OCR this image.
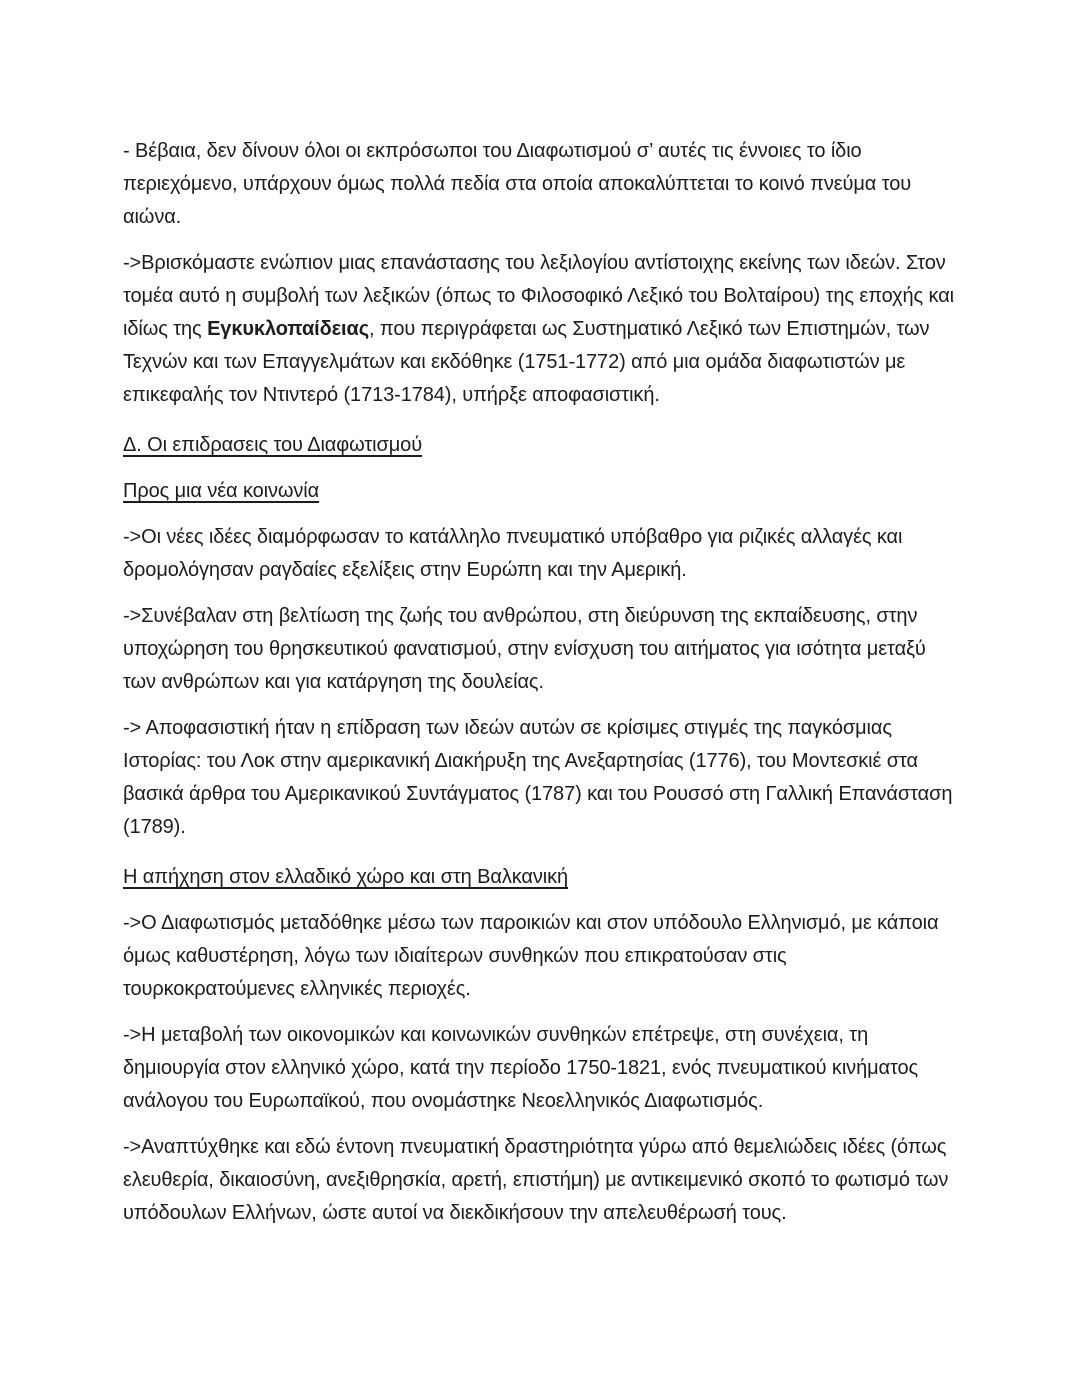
- Βέβαια, δεν δίνουν όλοι οι εκπρόσωποι του Διαφωτισμού σ’ αυτές τις έννοιες το ίδιο περιεχόμενο, υπάρχουν όμως πολλά πεδία στα οποία αποκαλύπτεται το κοινό πνεύμα του αιώνα.

->Βρισκόμαστε ενώπιον μιας επανάστασης του λεξιλογίου αντίστοιχης εκείνης των ιδεών. Στον τομέα αυτό η συμβολή των λεξικών (όπως το Φιλοσοφικό Λεξικό του Βολταίρου) της εποχής και ιδίως της Εγκυκλοπαίδειας, που περιγράφεται ως Συστηματικό Λεξικό των Επιστημών, των Τεχνών και των Επαγγελμάτων και εκδόθηκε (1751-1772) από μια ομάδα διαφωτιστών με επικεφαλής τον Ντιντερό (1713-1784), υπήρξε αποφασιστική.

Δ. Οι επιδρασεις του Διαφωτισμού
Προς μια νέα κοινωνία

->Οι νέες ιδέες διαμόρφωσαν το κατάλληλο πνευματικό υπόβαθρο για ριζικές αλλαγές και δρομολόγησαν ραγδαίες εξελίξεις στην Ευρώπη και την Αμερική.

->Συνέβαλαν στη βελτίωση της ζωής του ανθρώπου, στη διεύρυνση της εκπαίδευσης, στην υποχώρηση του θρησκευτικού φανατισμού, στην ενίσχυση του αιτήματος για ισότητα μεταξύ των ανθρώπων και για κατάργηση της δουλείας.

-> Αποφασιστική ήταν η επίδραση των ιδεών αυτών σε κρίσιμες στιγμές της παγκόσμιας Ιστορίας: του Λοκ στην αμερικανική Διακήρυξη της Ανεξαρτησίας (1776), του Μοντεσκιέ στα βασικά άρθρα του Αμερικανικού Συντάγματος (1787) και του Ρουσσό στη Γαλλική Επανάσταση (1789).

Η απήχηση στον ελλαδικό χώρο και στη Βαλκανική

->Ο Διαφωτισμός μεταδόθηκε μέσω των παροικιών και στον υπόδουλο Ελληνισμό, με κάποια όμως καθυστέρηση, λόγω των ιδιαίτερων συνθηκών που επικρατούσαν στις τουρκοκρατούμενες ελληνικές περιοχές.

->Η μεταβολή των οικονομικών και κοινωνικών συνθηκών επέτρεψε, στη συνέχεια, τη δημιουργία στον ελληνικό χώρο, κατά την περίοδο 1750-1821, ενός πνευματικού κινήματος ανάλογου του Ευρωπαϊκού, που ονομάστηκε Νεοελληνικός Διαφωτισμός.

->Αναπτύχθηκε και εδώ έντονη πνευματική δραστηριότητα γύρω από θεμελιώδεις ιδέες (όπως ελευθερία, δικαιοσύνη, ανεξιθρησκία, αρετή, επιστήμη) με αντικειμενικό σκοπό το φωτισμό των υπόδουλων Ελλήνων, ώστε αυτοί να διεκδικήσουν την απελευθέρωσή τους.
